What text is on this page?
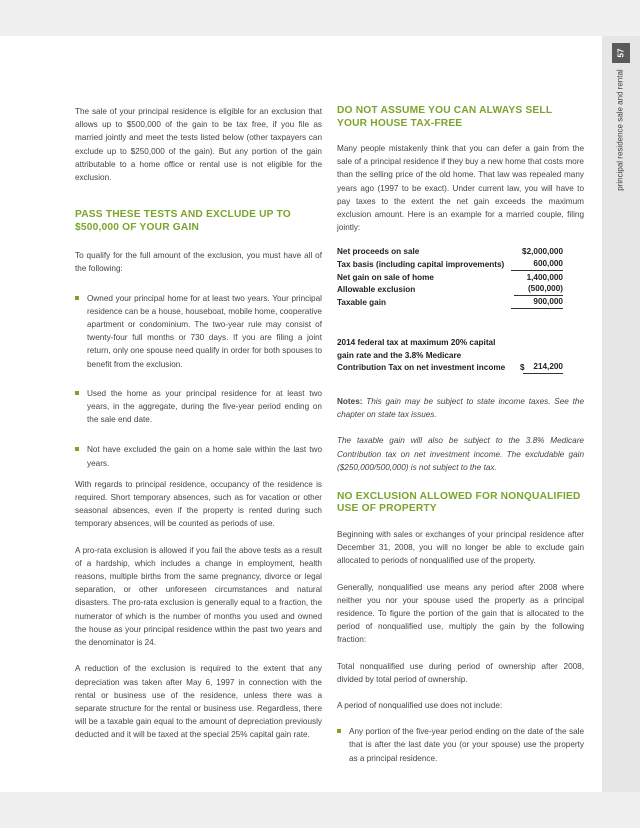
57
principal residence sale and rental

The sale of your principal residence is eligible for an exclusion that allows up to $500,000 of the gain to be tax free, if you file as married jointly and meet the tests listed below (other taxpayers can exclude up to $250,000 of the gain). But any portion of the gain attributable to a home office or rental use is not eligible for the exclusion.

PASS THESE TESTS AND EXCLUDE UP TO $500,000 OF YOUR GAIN

To qualify for the full amount of the exclusion, you must have all of the following:

Owned your principal home for at least two years. Your principal residence can be a house, houseboat, mobile home, cooperative apartment or condominium. The two-year rule may consist of twenty-four full months or 730 days. If you are filing a joint return, only one spouse need qualify in order for both spouses to benefit from the exclusion.
Used the home as your principal residence for at least two years, in the aggregate, during the five-year period ending on the sale end date.
Not have excluded the gain on a home sale within the last two years.

With regards to principal residence, occupancy of the residence is required. Short temporary absences, such as for vacation or other seasonal absences, even if the property is rented during such temporary absences, will be counted as periods of use.

A pro-rata exclusion is allowed if you fail the above tests as a result of a hardship, which includes a change in employment, health reasons, multiple births from the same pregnancy, divorce or legal separation, or other unforeseen circumstances and natural disasters. The pro-rata exclusion is generally equal to a fraction, the numerator of which is the number of months you used and owned the house as your principal residence within the past two years and the denominator is 24.

A reduction of the exclusion is required to the extent that any depreciation was taken after May 6, 1997 in connection with the rental or business use of the residence, unless there was a separate structure for the rental or business use. Regardless, there will be a taxable gain equal to the amount of depreciation previously deducted and it will be taxed at the special 25% capital gain rate.

DO NOT ASSUME YOU CAN ALWAYS SELL YOUR HOUSE TAX-FREE

Many people mistakenly think that you can defer a gain from the sale of a principal residence if they buy a new home that costs more than the selling price of the old home. That law was repealed many years ago (1997 to be exact). Under current law, you will have to pay taxes to the extent the net gain exceeds the maximum exclusion amount. Here is an example for a married couple, filing jointly:

Net proceeds on sale	$2,000,000
Tax basis (including capital improvements)	600,000
Net gain on sale of home	1,400,000
Allowable exclusion	(500,000)
Taxable gain	900,000
2014 federal tax at maximum 20% capital
gain rate and the 3.8% Medicare
Contribution Tax on net investment income $	214,200

Notes: This gain may be subject to state income taxes. See the chapter on state tax issues.

The taxable gain will also be subject to the 3.8% Medicare Contribution tax on net investment income. The excludable gain ($250,000/500,000) is not subject to the tax.

NO EXCLUSION ALLOWED FOR NONQUALIFIED USE OF PROPERTY

Beginning with sales or exchanges of your principal residence after December 31, 2008, you will no longer be able to exclude gain allocated to periods of nonqualified use of the property.

Generally, nonqualified use means any period after 2008 where neither you nor your spouse used the property as a principal residence. To figure the portion of the gain that is allocated to the period of nonqualified use, multiply the gain by the following fraction:

Total nonqualified use during period of ownership after 2008, divided by total period of ownership.

A period of nonqualified use does not include:

Any portion of the five-year period ending on the date of the sale that is after the last date you (or your spouse) use the property as a principal residence.
